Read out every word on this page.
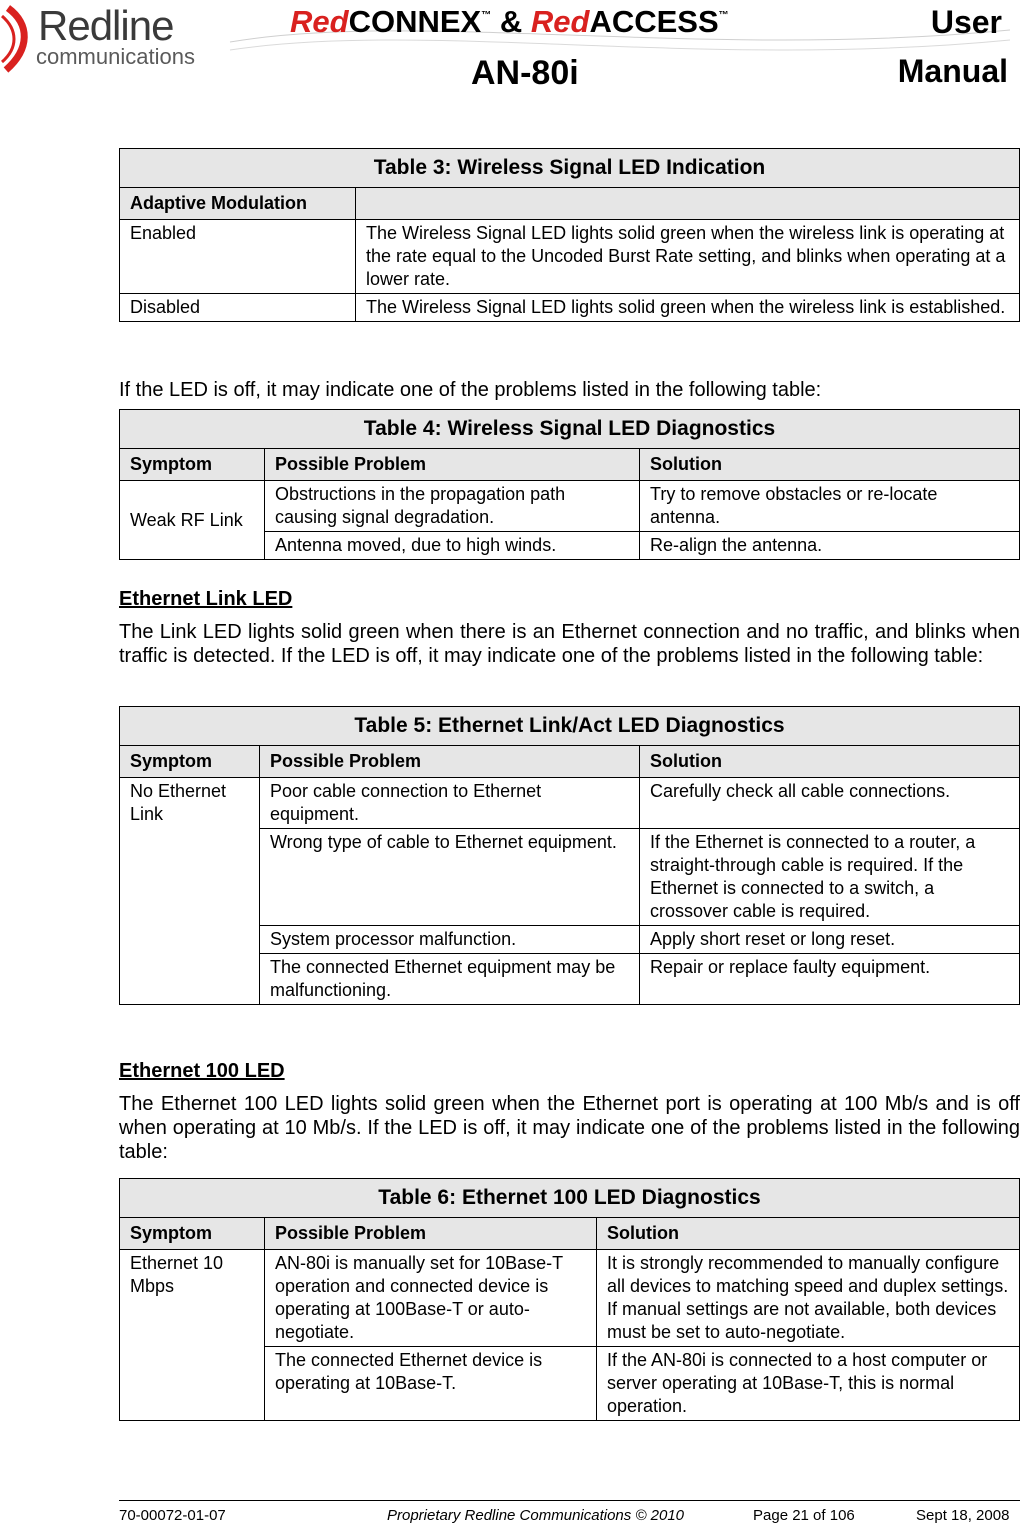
Redline
communications
RedCONNEX™ & RedACCESS™
AN-80i
User
Manual
Table 3: Wireless Signal LED Indication	
Adaptive Modulation	
Enabled	The Wireless Signal LED lights solid green when the wireless link is operating at the rate equal to the Uncoded Burst Rate setting, and blinks when operating at a lower rate.
Disabled	The Wireless Signal LED lights solid green when the wireless link is established.
If the LED is off, it may indicate one of the problems listed in the following table:
Table 4: Wireless Signal LED Diagnostics		
Symptom	Possible Problem	Solution
Weak RF Link	Obstructions in the propagation path causing signal degradation.	Try to remove obstacles or re-locate antenna.
	Antenna moved, due to high winds.	Re-align the antenna.
Ethernet Link LED
The Link LED lights solid green when there is an Ethernet connection and no traffic, and blinks when traffic is detected. If the LED is off, it may indicate one of the problems listed in the following table:
Table 5: Ethernet Link/Act LED Diagnostics		
Symptom	Possible Problem	Solution
No Ethernet Link	Poor cable connection to Ethernet equipment.	Carefully check all cable connections.
	Wrong type of cable to Ethernet equipment.	If the Ethernet is connected to a router, a straight-through cable is required. If the Ethernet is connected to a switch, a crossover cable is required.
	System processor malfunction.	Apply short reset or long reset.
	The connected Ethernet equipment may be malfunctioning.	Repair or replace faulty equipment.
Ethernet 100 LED
The Ethernet 100 LED lights solid green when the Ethernet port is operating at 100 Mb/s and is off when operating at 10 Mb/s. If the LED is off, it may indicate one of the problems listed in the following table:
Table 6: Ethernet 100 LED Diagnostics		
Symptom	Possible Problem	Solution
Ethernet 10 Mbps	AN-80i is manually set for 10Base-T operation and connected device is operating at 100Base-T or auto-negotiate.	It is strongly recommended to manually configure all devices to matching speed and duplex settings. If manual settings are not available, both devices must be set to auto-negotiate.
	The connected Ethernet device is operating at 10Base-T.	If the AN-80i is connected to a host computer or server operating at 10Base-T, this is normal operation.
70-00072-01-07	Proprietary Redline Communications © 2010	Page 21 of 106	Sept 18, 2008
